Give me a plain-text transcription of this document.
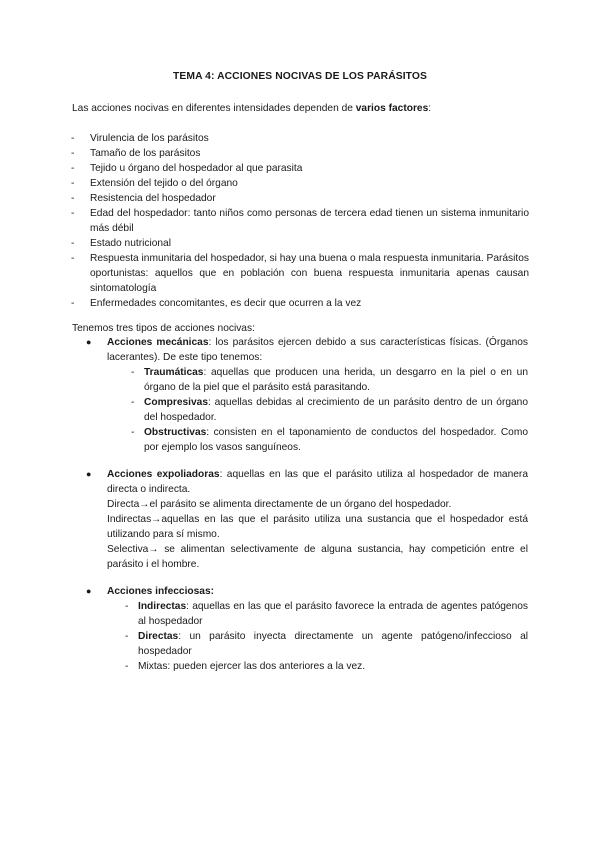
TEMA 4: ACCIONES NOCIVAS DE LOS PARÁSITOS
Las acciones nocivas en diferentes intensidades dependen de varios factores:
- Virulencia de los parásitos
- Tamaño de los parásitos
- Tejido u órgano del hospedador al que parasita
- Extensión del tejido o del órgano
- Resistencia del hospedador
- Edad del hospedador: tanto niños como personas de tercera edad tienen un sistema inmunitario más débil
- Estado nutricional
- Respuesta inmunitaria del hospedador, si hay una buena o mala respuesta inmunitaria. Parásitos oportunistas: aquellos que en población con buena respuesta inmunitaria apenas causan sintomatología
- Enfermedades concomitantes, es decir que ocurren a la vez
Tenemos tres tipos de acciones nocivas:
● Acciones mecánicas: los parásitos ejercen debido a sus características físicas. (Órganos lacerantes). De este tipo tenemos:
- Traumáticas: aquellas que producen una herida, un desgarro en la piel o en un órgano de la piel que el parásito está parasitando.
- Compresivas: aquellas debidas al crecimiento de un parásito dentro de un órgano del hospedador.
- Obstructivas: consisten en el taponamiento de conductos del hospedador. Como por ejemplo los vasos sanguíneos.
● Acciones expoliadoras: aquellas en las que el parásito utiliza al hospedador de manera directa o indirecta.
Directa→el parásito se alimenta directamente de un órgano del hospedador.
Indirectas→aquellas en las que el parásito utiliza una sustancia que el hospedador está utilizando para sí mismo.
Selectiva→ se alimentan selectivamente de alguna sustancia, hay competición entre el parásito i el hombre.
● Acciones infecciosas:
- Indirectas: aquellas en las que el parásito favorece la entrada de agentes patógenos al hospedador
- Directas: un parásito inyecta directamente un agente patógeno/infeccioso al hospedador
- Mixtas: pueden ejercer las dos anteriores a la vez.
